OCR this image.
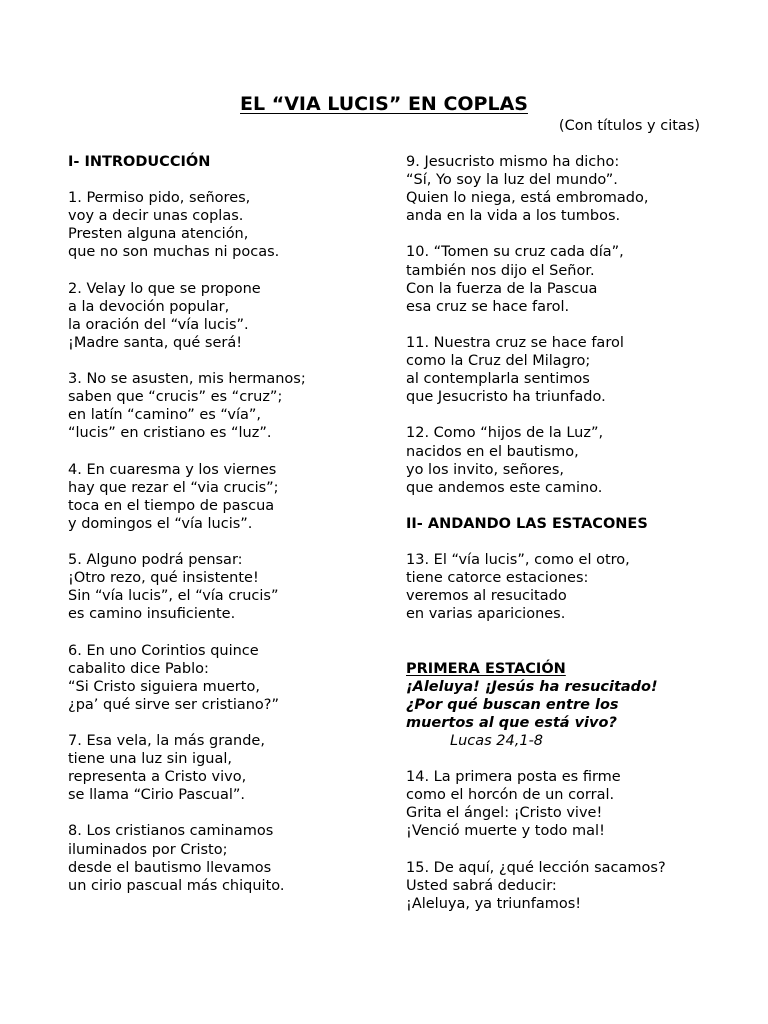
EL “VIA LUCIS” EN COPLAS

(Con títulos y citas)

I- INTRODUCCIÓN

1. Permiso pido, señores,
voy a decir unas coplas.
Presten alguna atención,
que no son muchas ni pocas.
2. Velay lo que se propone
a la devoción popular,
la oración del “vía lucis”.
¡Madre santa, qué será!
3. No se asusten, mis hermanos;
saben que “crucis” es “cruz”;
en latín “camino” es “vía”,
“lucis” en cristiano es “luz”.
4. En cuaresma y los viernes
hay que rezar el “via crucis”;
toca en el tiempo de pascua
y domingos el “vía lucis”.
5. Alguno podrá pensar:
¡Otro rezo, qué insistente!
Sin “vía lucis”, el “vía crucis”
es camino insuficiente.
6. En uno Corintios quince
cabalito dice Pablo:
“Si Cristo siguiera muerto,
¿pa’ qué sirve ser cristiano?”
7. Esa vela, la más grande,
tiene una luz sin igual,
representa a Cristo vivo,
se llama “Cirio Pascual”.
8. Los cristianos caminamos
iluminados por Cristo;
desde el bautismo llevamos
un cirio pascual más chiquito.
9. Jesucristo mismo ha dicho:
“Sí, Yo soy la luz del mundo”.
Quien lo niega, está embromado,
anda en la vida a los tumbos.
10. “Tomen su cruz cada día”,
también nos dijo el Señor.
Con la fuerza de la Pascua
esa cruz se hace farol.
11. Nuestra cruz se hace farol
como la Cruz del Milagro;
al contemplarla sentimos
que Jesucristo ha triunfado.
12. Como “hijos de la Luz”,
nacidos en el bautismo,
yo los invito, señores,
que andemos este camino.

II- ANDANDO LAS ESTACONES

13. El “vía lucis”, como el otro,
tiene catorce estaciones:
veremos al resucitado
en varias apariciones.
PRIMERA ESTACIÓN
¡Aleluya! ¡Jesús ha resucitado!
¿Por qué buscan entre los
muertos al que está vivo?
Lucas 24,1-8
14. La primera posta es firme
como el horcón de un corral.
Grita el ángel: ¡Cristo vive!
¡Venció muerte y todo mal!
15. De aquí, ¿qué lección sacamos?
Usted sabrá deducir:
¡Aleluya, ya triunfamos!
